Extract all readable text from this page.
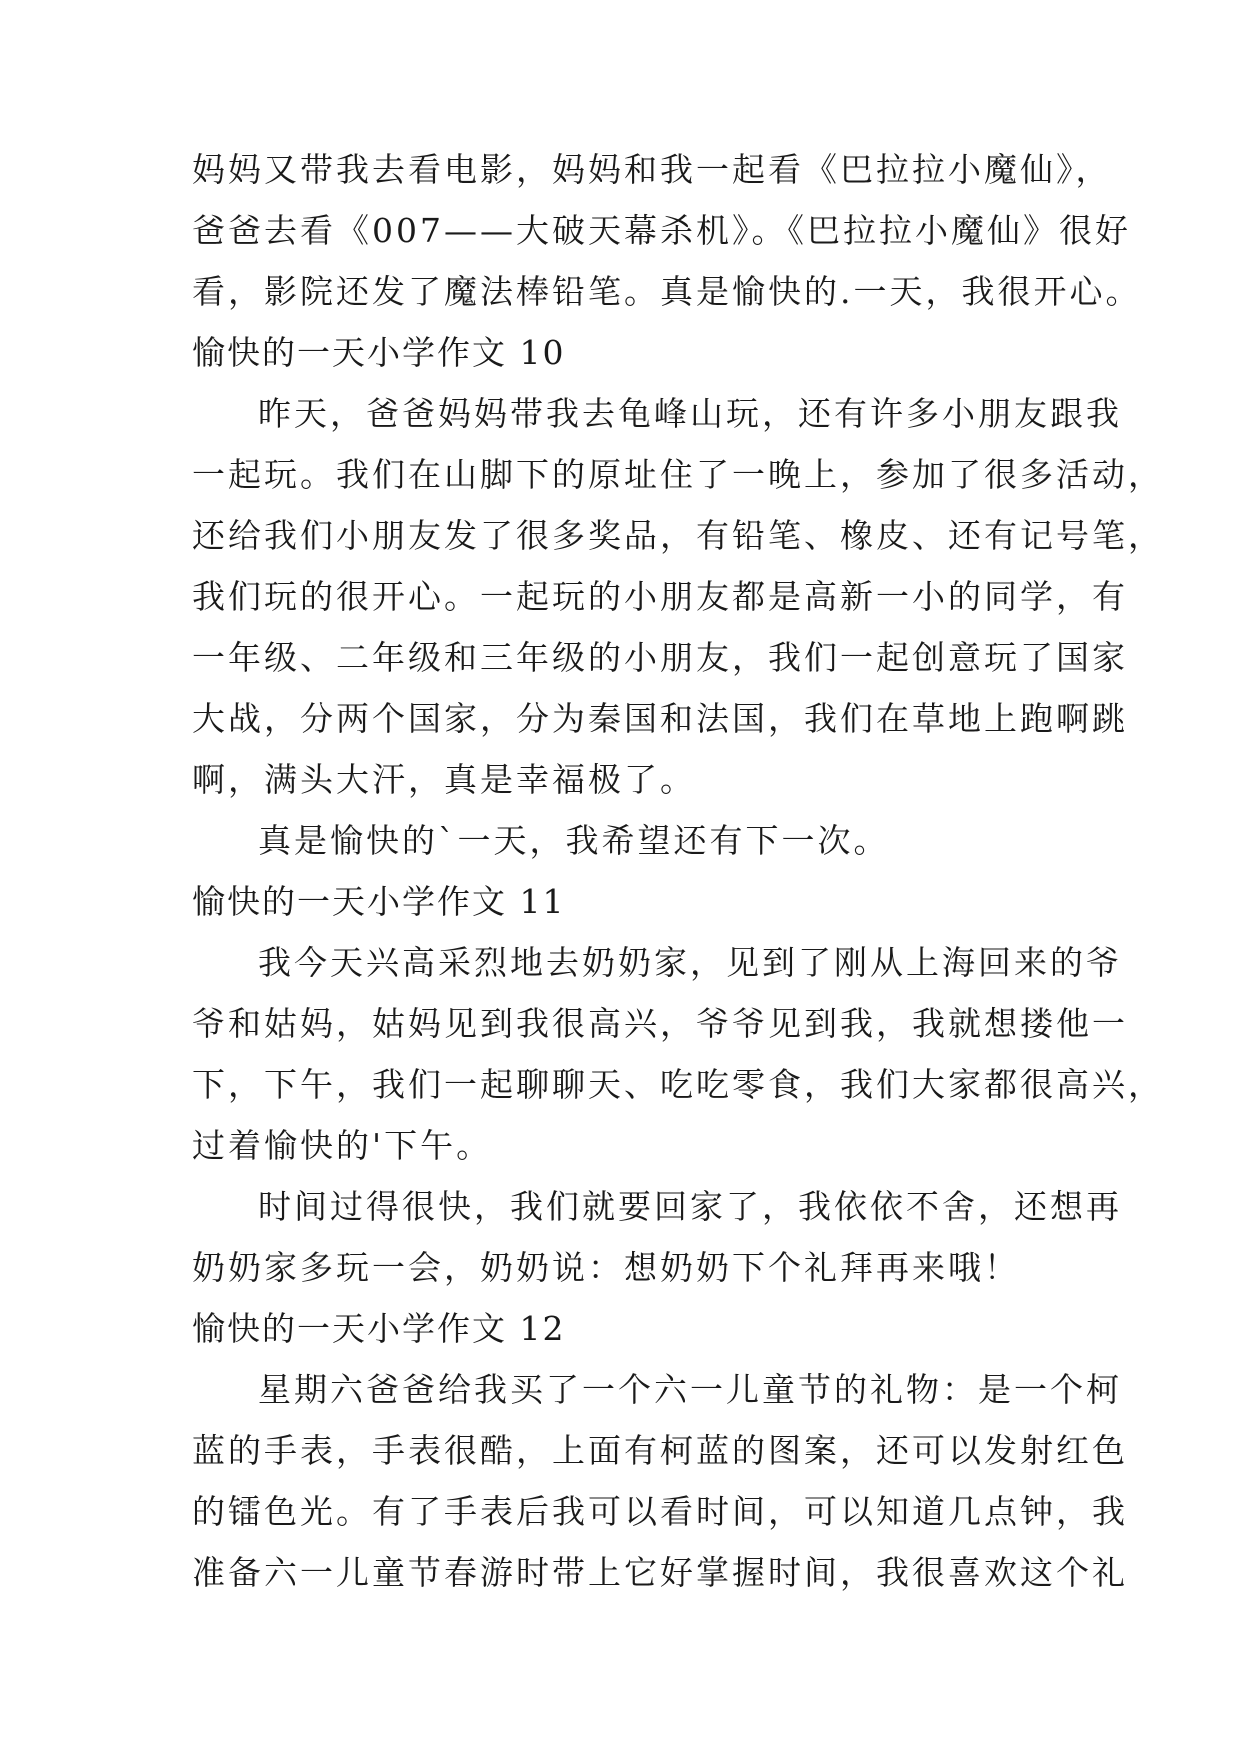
妈妈又带我去看电影，妈妈和我一起看《巴拉拉小魔仙》，
爸爸去看《007——大破天幕杀机》。《巴拉拉小魔仙》很好
看，影院还发了魔法棒铅笔。真是愉快的.一天，我很开心。
愉快的一天小学作文 10
昨天，爸爸妈妈带我去龟峰山玩，还有许多小朋友跟我
一起玩。我们在山脚下的原址住了一晚上，参加了很多活动，
还给我们小朋友发了很多奖品，有铅笔、橡皮、还有记号笔，
我们玩的很开心。一起玩的小朋友都是高新一小的同学，有
一年级、二年级和三年级的小朋友，我们一起创意玩了国家
大战，分两个国家，分为秦国和法国，我们在草地上跑啊跳
啊，满头大汗，真是幸福极了。
真是愉快的`一天，我希望还有下一次。
愉快的一天小学作文 11
我今天兴高采烈地去奶奶家，见到了刚从上海回来的爷
爷和姑妈，姑妈见到我很高兴，爷爷见到我，我就想搂他一
下，下午，我们一起聊聊天、吃吃零食，我们大家都很高兴，
过着愉快的'下午。
时间过得很快，我们就要回家了，我依依不舍，还想再
奶奶家多玩一会，奶奶说：想奶奶下个礼拜再来哦！
愉快的一天小学作文 12
星期六爸爸给我买了一个六一儿童节的礼物：是一个柯
蓝的手表，手表很酷，上面有柯蓝的图案，还可以发射红色
的镭色光。有了手表后我可以看时间，可以知道几点钟，我
准备六一儿童节春游时带上它好掌握时间，我很喜欢这个礼
